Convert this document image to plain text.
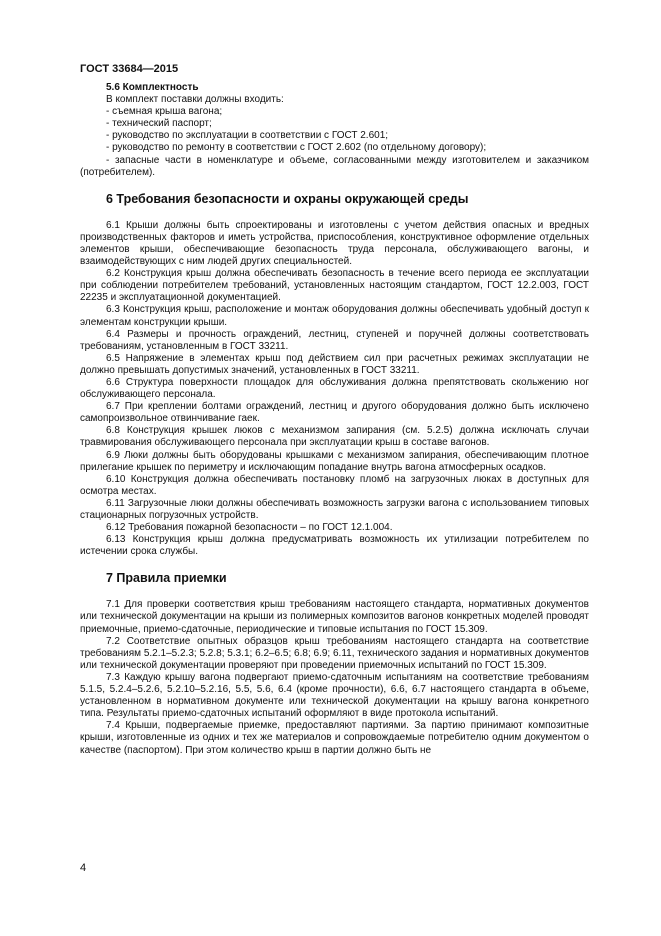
ГОСТ 33684—2015
5.6 Комплектность
В комплект поставки должны входить:
- съемная крыша вагона;
- технический паспорт;
- руководство по эксплуатации в соответствии с ГОСТ 2.601;
- руководство по ремонту в соответствии с ГОСТ 2.602 (по отдельному договору);

- запасные части в номенклатуре и объеме, согласованными между изготовителем и заказчиком (потребителем).

6 Требования безопасности и охраны окружающей среды

6.1 Крыши должны быть спроектированы и изготовлены с учетом действия опасных и вредных производственных факторов и иметь устройства, приспособления, конструктивное оформление отдельных элементов крыши, обеспечивающие безопасность труда персонала, обслуживающего вагоны, и взаимодействующих с ним людей других специальностей.

6.2 Конструкция крыш должна обеспечивать безопасность в течение всего периода ее эксплуатации при соблюдении потребителем требований, установленных настоящим стандартом, ГОСТ 12.2.003, ГОСТ 22235 и эксплуатационной документацией.

6.3 Конструкция крыш, расположение и монтаж оборудования должны обеспечивать удобный доступ к элементам конструкции крыши.

6.4 Размеры и прочность ограждений, лестниц, ступеней и поручней должны соответствовать требованиям, установленным в ГОСТ 33211.

6.5 Напряжение в элементах крыш под действием сил при расчетных режимах эксплуатации не должно превышать допустимых значений, установленных в ГОСТ 33211.

6.6 Структура поверхности площадок для обслуживания должна препятствовать скольжению ног обслуживающего персонала.

6.7 При креплении болтами ограждений, лестниц и другого оборудования должно быть исключено самопроизвольное отвинчивание гаек.

6.8 Конструкция крышек люков с механизмом запирания (см. 5.2.5) должна исключать случаи травмирования обслуживающего персонала при эксплуатации крыш в составе вагонов.

6.9 Люки должны быть оборудованы крышками с механизмом запирания, обеспечивающим плотное прилегание крышек по периметру и исключающим попадание внутрь вагона атмосферных осадков.

6.10 Конструкция должна обеспечивать постановку пломб на загрузочных люках в доступных для осмотра местах.

6.11 Загрузочные люки должны обеспечивать возможность загрузки вагона с использованием типовых стационарных погрузочных устройств.

6.12 Требования пожарной безопасности – по ГОСТ 12.1.004.

6.13 Конструкция крыш должна предусматривать возможность их утилизации потребителем по истечении срока службы.

7 Правила приемки

7.1 Для проверки соответствия крыш требованиям настоящего стандарта, нормативных документов или технической документации на крыши из полимерных композитов вагонов конкретных моделей проводят приемочные, приемо-сдаточные, периодические и типовые испытания по ГОСТ 15.309.

7.2 Соответствие опытных образцов крыш требованиям настоящего стандарта на соответствие требованиям 5.2.1–5.2.3; 5.2.8; 5.3.1; 6.2–6.5; 6.8; 6.9; 6.11, технического задания и нормативных документов или технической документации проверяют при проведении приемочных испытаний по ГОСТ 15.309.

7.3 Каждую крышу вагона подвергают приемо-сдаточным испытаниям на соответствие требованиям 5.1.5, 5.2.4–5.2.6, 5.2.10–5.2.16, 5.5, 5.6, 6.4 (кроме прочности), 6.6, 6.7 настоящего стандарта в объеме, установленном в нормативном документе или технической документации на крышу вагона конкретного типа. Результаты приемо-сдаточных испытаний оформляют в виде протокола испытаний.

7.4 Крыши, подвергаемые приемке, предоставляют партиями. За партию принимают композитные крыши, изготовленные из одних и тех же материалов и сопровождаемые потребителю одним документом о качестве (паспортом). При этом количество крыш в партии должно быть не

4
